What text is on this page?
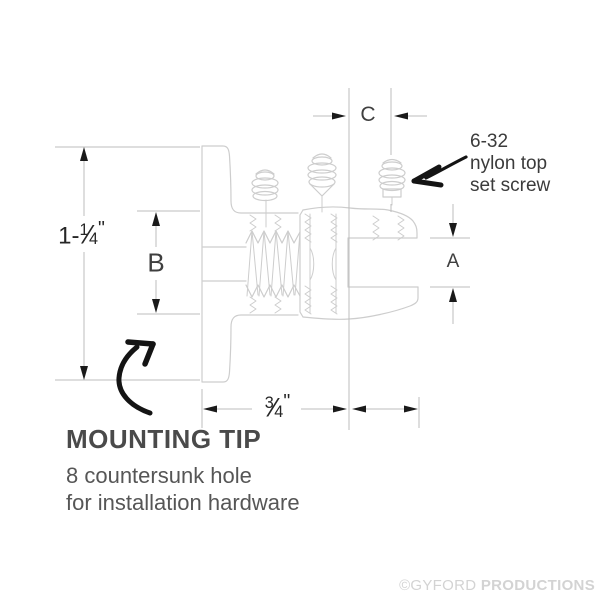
C
6-32
nylon top
set screw
1-$^1$⁄4"
B	A
$^3$⁄4"
MOUNTING TIP
8 countersunk hole
for installation hardware
©GYFORD PRODUCTIONS
